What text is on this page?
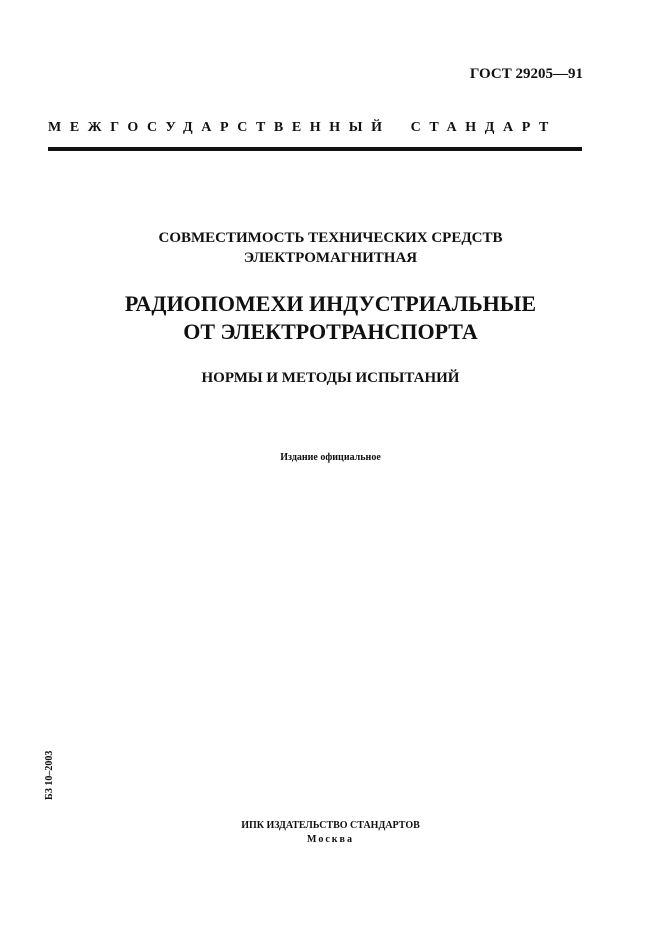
ГОСТ 29205—91
МЕЖГОСУДАРСТВЕННЫЙ СТАНДАРТ
СОВМЕСТИМОСТЬ ТЕХНИЧЕСКИХ СРЕДСТВ
ЭЛЕКТРОМАГНИТНАЯ
РАДИОПОМЕХИ ИНДУСТРИАЛЬНЫЕ
ОТ ЭЛЕКТРОТРАНСПОРТА
НОРМЫ И МЕТОДЫ ИСПЫТАНИЙ
Издание официальное
БЗ 10–2003
ИПК ИЗДАТЕЛЬСТВО СТАНДАРТОВ
Москва
